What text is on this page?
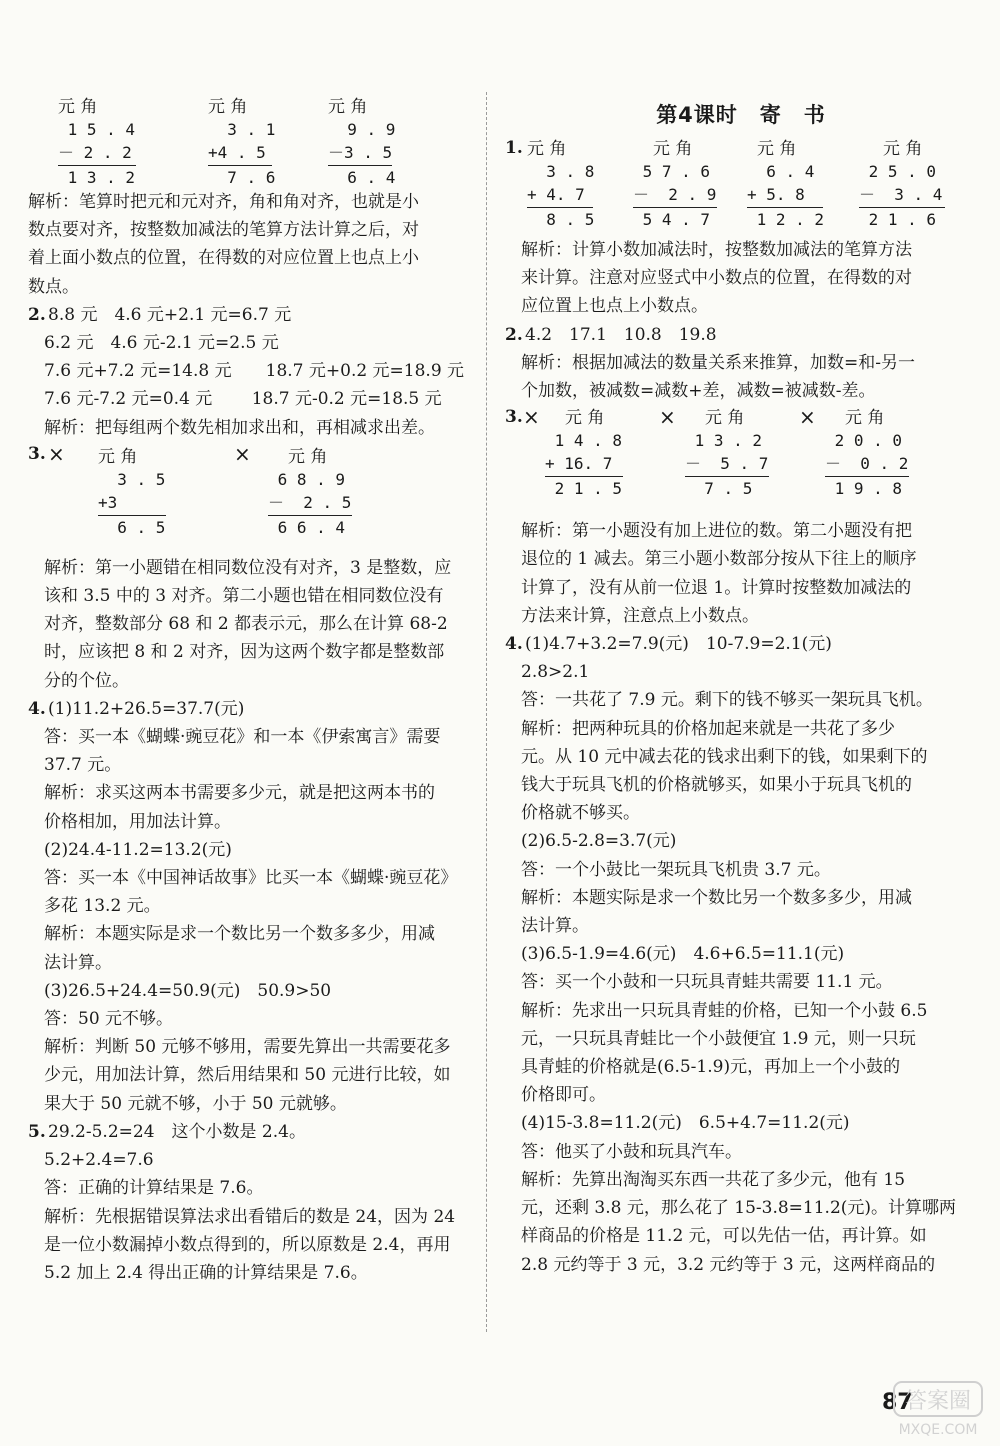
元 角
1 5 . 4
－ 2 . 2
1 3 . 2
元 角
3 . 1
+4 . 5
7 . 6
元 角
9 . 9
－3 . 5
6 . 4
解析：笔算时把元和元对齐，角和角对齐，也就是小
数点要对齐，按整数加减法的笔算方法计算之后，对
着上面小数点的位置，在得数的对应位置上也点上小
数点。
2. 8.8 元　4.6 元+2.1 元=6.7 元
6.2 元　4.6 元-2.1 元=2.5 元
7.6 元+7.2 元=14.8 元　　18.7 元+0.2 元=18.9 元
7.6 元-7.2 元=0.4 元　　 18.7 元-0.2 元=18.5 元
解析：把每组两个数先相加求出和，再相减求出差。
3. ×	×
元 角
3 . 5
+3
6 . 5
元 角
6 8 . 9
－  2 . 5
6 6 . 4
解析：第一小题错在相同数位没有对齐，3 是整数，应
该和 3.5 中的 3 对齐。第二小题也错在相同数位没有
对齐，整数部分 68 和 2 都表示元，那么在计算 68-2
时，应该把 8 和 2 对齐，因为这两个数字都是整数部
分的个位。
4. (1)11.2+26.5=37.7(元)
答：买一本《蝴蝶·豌豆花》和一本《伊索寓言》需要
37.7 元。
解析：求买这两本书需要多少元，就是把这两本书的
价格相加，用加法计算。
(2)24.4-11.2=13.2(元)
答：买一本《中国神话故事》比买一本《蝴蝶·豌豆花》
多花 13.2 元。
解析：本题实际是求一个数比另一个数多多少，用减
法计算。
(3)26.5+24.4=50.9(元)　50.9>50
答：50 元不够。
解析：判断 50 元够不够用，需要先算出一共需要花多
少元，用加法计算，然后用结果和 50 元进行比较，如
果大于 50 元就不够，小于 50 元就够。
5. 29.2-5.2=24　这个小数是 2.4。
5.2+2.4=7.6
答：正确的计算结果是 7.6。
解析：先根据错误算法求出看错后的数是 24，因为 24
是一位小数漏掉小数点得到的，所以原数是 2.4，再用
5.2 加上 2.4 得出正确的计算结果是 7.6。
第4课时　寄　书
1. 元 角
3 . 8
+ 4. 7
8 . 5
元 角
5 7 . 6
－  2 . 9
5 4 . 7
元 角
6 . 4
+ 5. 8
1 2 . 2
元 角
2 5 . 0
－  3 . 4
2 1 . 6
解析：计算小数加减法时，按整数加减法的笔算方法
来计算。注意对应竖式中小数点的位置，在得数的对
应位置上也点上小数点。
2. 4.2　17.1　10.8　19.8
解析：根据加减法的数量关系来推算，加数=和-另一
个加数，被减数=减数+差，减数=被减数-差。
3. ×	×	×
元 角
1 4 . 8
+ 16. 7
2 1 . 5
元 角
1 3 . 2
－  5 . 7
7 . 5
元 角
2 0 . 0
－  0 . 2
1 9 . 8
解析：第一小题没有加上进位的数。第二小题没有把
退位的 1 减去。第三小题小数部分按从下往上的顺序
计算了，没有从前一位退 1。计算时按整数加减法的
方法来计算，注意点上小数点。
4. (1)4.7+3.2=7.9(元)　10-7.9=2.1(元)
2.8>2.1
答：一共花了 7.9 元。剩下的钱不够买一架玩具飞机。
解析：把两种玩具的价格加起来就是一共花了多少
元。从 10 元中减去花的钱求出剩下的钱，如果剩下的
钱大于玩具飞机的价格就够买，如果小于玩具飞机的
价格就不够买。
(2)6.5-2.8=3.7(元)
答：一个小鼓比一架玩具飞机贵 3.7 元。
解析：本题实际是求一个数比另一个数多多少，用减
法计算。
(3)6.5-1.9=4.6(元)　4.6+6.5=11.1(元)
答：买一个小鼓和一只玩具青蛙共需要 11.1 元。
解析：先求出一只玩具青蛙的价格，已知一个小鼓 6.5
元，一只玩具青蛙比一个小鼓便宜 1.9 元，则一只玩
具青蛙的价格就是(6.5-1.9)元，再加上一个小鼓的
价格即可。
(4)15-3.8=11.2(元)　6.5+4.7=11.2(元)
答：他买了小鼓和玩具汽车。
解析：先算出淘淘买东西一共花了多少元，他有 15
元，还剩 3.8 元，那么花了 15-3.8=11.2(元)。计算哪两
样商品的价格是 11.2 元，可以先估一估，再计算。如
2.8 元约等于 3 元，3.2 元约等于 3 元，这两样商品的
87
答案圈
MXQE.COM
